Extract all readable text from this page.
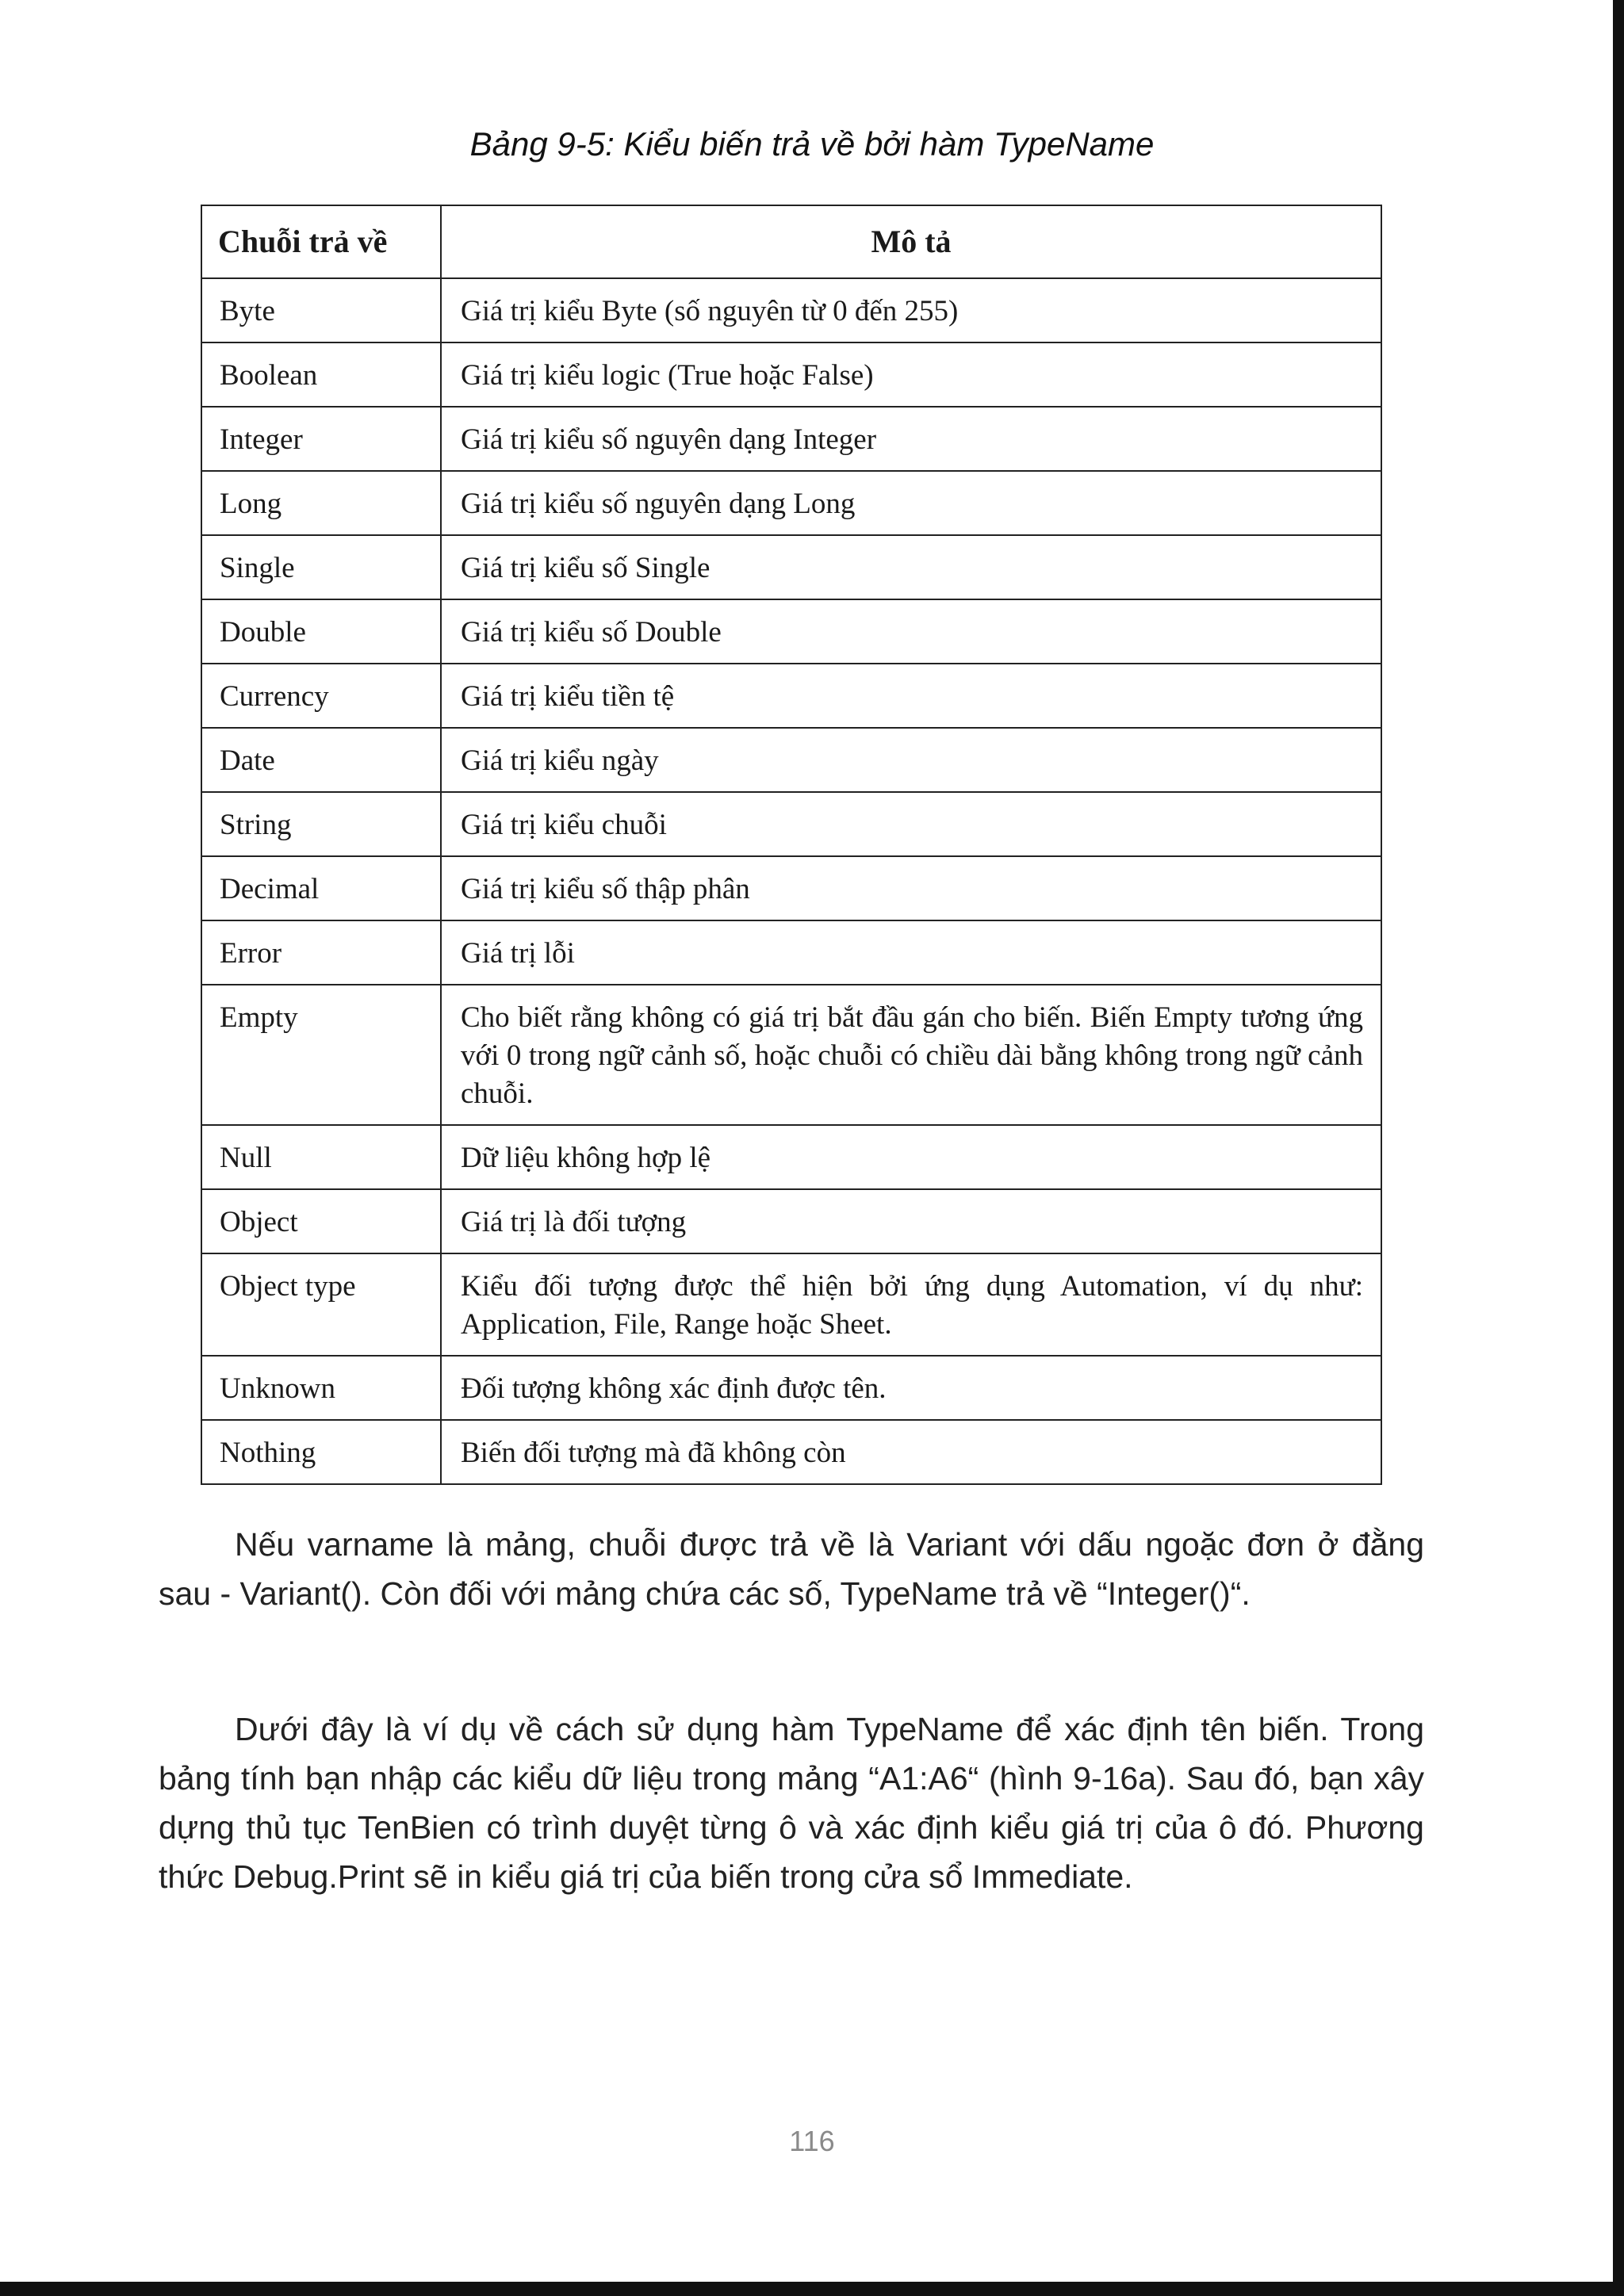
Bảng 9-5: Kiểu biến trả về bởi hàm TypeName
Chuỗi trả về	Mô tả
Byte	Giá trị kiểu Byte (số nguyên từ 0 đến 255)
Boolean	Giá trị kiểu logic (True hoặc False)
Integer	Giá trị kiểu số nguyên dạng Integer
Long	Giá trị kiểu số nguyên dạng Long
Single	Giá trị kiểu số Single
Double	Giá trị kiểu số Double
Currency	Giá trị kiểu tiền tệ
Date	Giá trị kiểu ngày
String	Giá trị kiểu chuỗi
Decimal	Giá trị kiểu số thập phân
Error	Giá trị lỗi
Empty	Cho biết rằng không có giá trị bắt đầu gán cho biến. Biến Empty tương ứng với 0 trong ngữ cảnh số, hoặc chuỗi có chiều dài bằng không trong ngữ cảnh chuỗi.
Null	Dữ liệu không hợp lệ
Object	Giá trị là đối tượng
Object type	Kiểu đối tượng được thể hiện bởi ứng dụng Automation, ví dụ như: Application, File, Range hoặc Sheet.
Unknown	Đối tượng không xác định được tên.
Nothing	Biến đối tượng mà đã không còn

Nếu varname là mảng, chuỗi được trả về là Variant với dấu ngoặc đơn ở đằng sau - Variant(). Còn đối với mảng chứa các số, TypeName trả về “Integer()“.

Dưới đây là ví dụ về cách sử dụng hàm TypeName để xác định tên biến. Trong bảng tính bạn nhập các kiểu dữ liệu trong mảng “A1:A6“ (hình 9-16a). Sau đó, bạn xây dựng thủ tục TenBien có trình duyệt từng ô và xác định kiểu giá trị của ô đó. Phương thức Debug.Print sẽ in kiểu giá trị của biến trong cửa sổ Immediate.

116
